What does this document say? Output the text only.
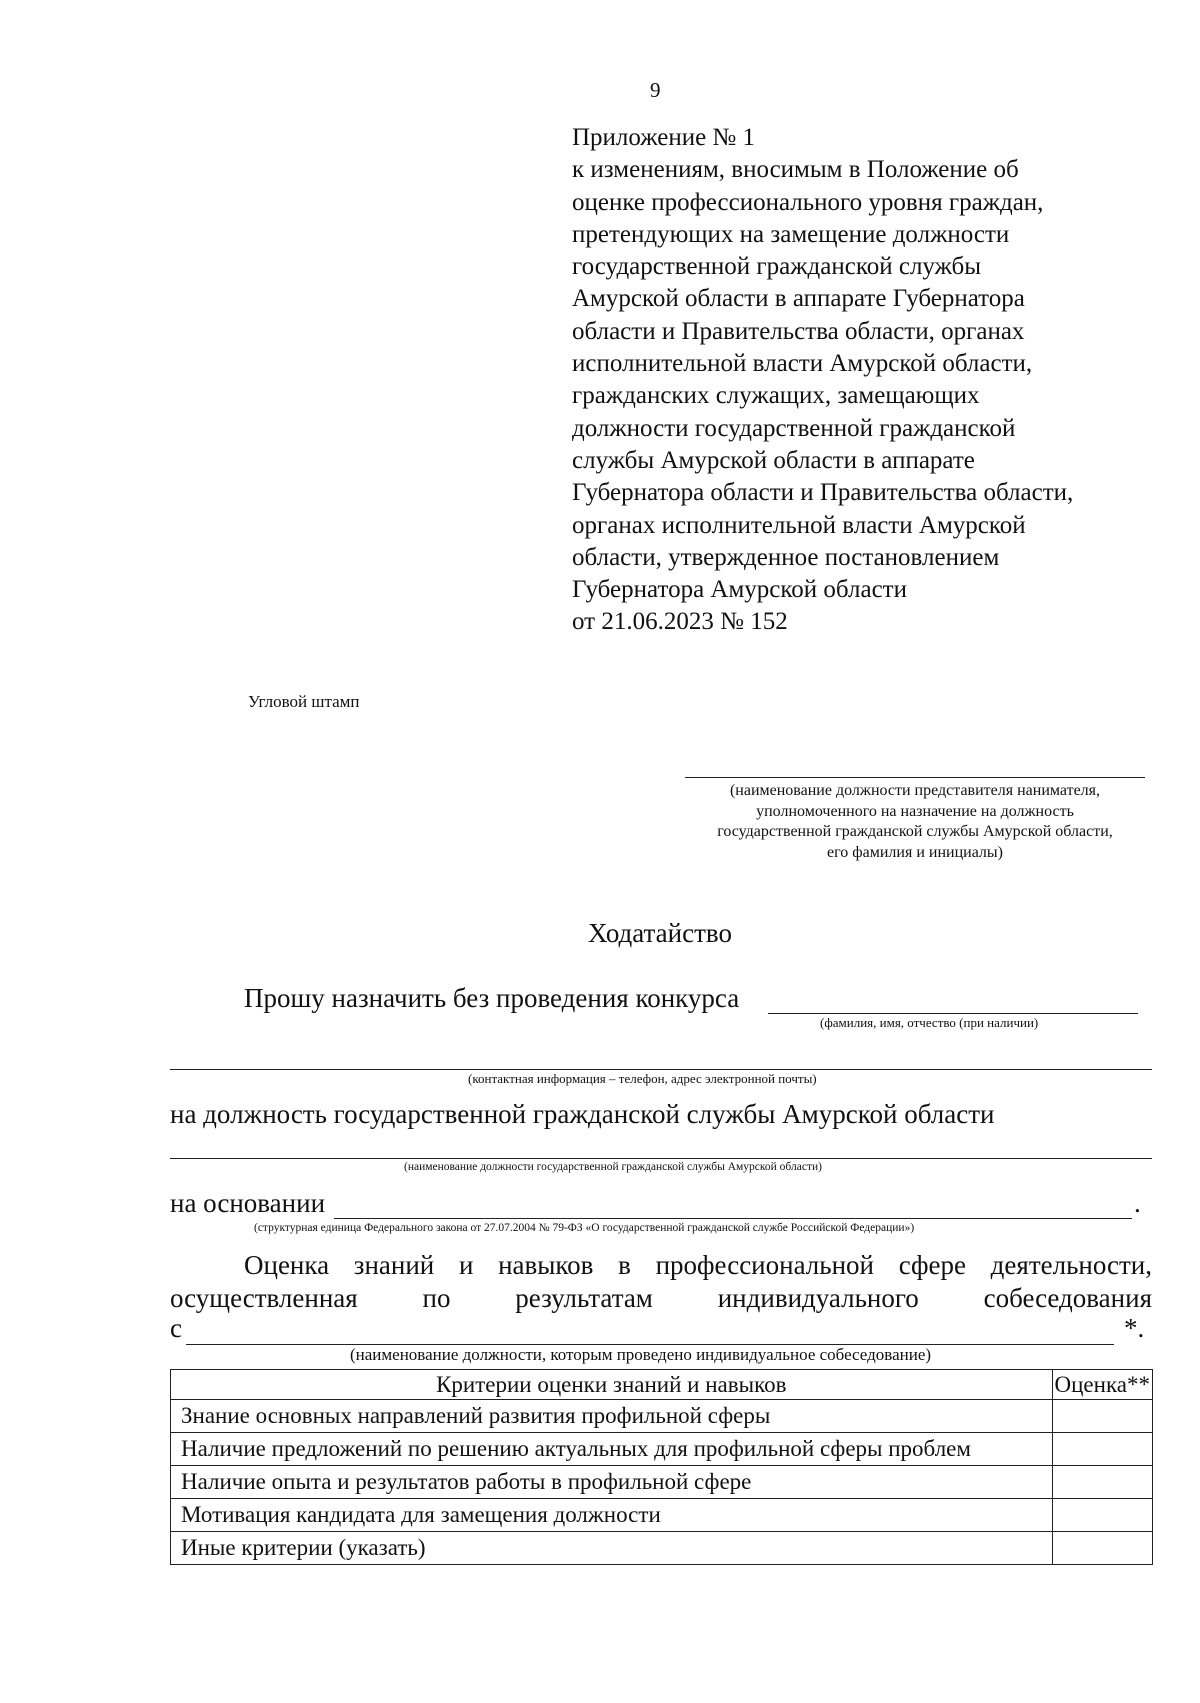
9
Приложение № 1
к изменениям, вносимым в Положение об
оценке профессионального уровня граждан,
претендующих на замещение должности
государственной гражданской службы
Амурской области в аппарате Губернатора
области и Правительства области, органах
исполнительной власти Амурской области,
гражданских служащих, замещающих
должности государственной гражданской
службы Амурской области в аппарате
Губернатора области и Правительства области,
органах исполнительной власти Амурской
области, утвержденное постановлением
Губернатора Амурской области
от 21.06.2023 № 152
Угловой штамп
(наименование должности представителя нанимателя,
уполномоченного на назначение на должность
государственной гражданской службы Амурской области,
его фамилия и инициалы)
Ходатайство
Прошу назначить без проведения конкурса
(фамилия, имя, отчество (при наличии)
(контактная информация – телефон, адрес электронной почты)
на должность государственной гражданской службы Амурской области
(наименование должности государственной гражданской службы Амурской области)
на основании	.
(структурная единица Федерального закона от 27.07.2004 № 79-ФЗ «О государственной гражданской службе Российской Федерации»)
Оценка знаний и навыков в профессиональной сфере деятельности,
осуществленная по результатам индивидуального собеседования
с	*.
(наименование должности, которым проведено индивидуальное собеседование)
Критерии оценки знаний и навыков	Оценка**
Знание основных направлений развития профильной сферы	
Наличие предложений по решению актуальных для профильной сферы проблем	
Наличие опыта и результатов работы в профильной сфере	
Мотивация кандидата для замещения должности	
Иные критерии (указать)	
